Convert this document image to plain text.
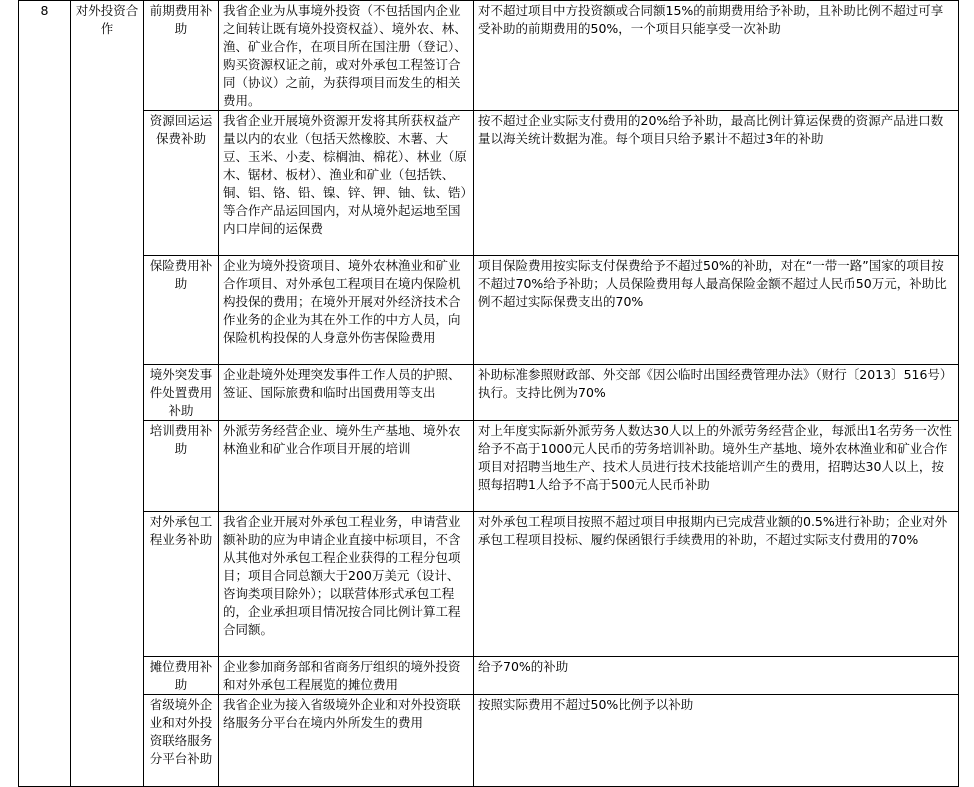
8	对外投资合作	前期费用补助	我省企业为从事境外投资（不包括国内企业之间转让既有境外投资权益）、境外农、林、渔、矿业合作，在项目所在国注册（登记）、购买资源权证之前，或对外承包工程签订合同（协议）之前，为获得项目而发生的相关费用。	对不超过项目中方投资额或合同额15%的前期费用给予补助，且补助比例不超过可享受补助的前期费用的50%，一个项目只能享受一次补助
		资源回运运保费补助	我省企业开展境外资源开发将其所获权益产量以内的农业（包括天然橡胶、木薯、大豆、玉米、小麦、棕榈油、棉花）、林业（原木、锯材、板材）、渔业和矿业（包括铁、铜、铝、铬、铅、镍、锌、钾、铀、钛、锆）等合作产品运回国内，对从境外起运地至国内口岸间的运保费	按不超过企业实际支付费用的20%给予补助，最高比例计算运保费的资源产品进口数量以海关统计数据为准。每个项目只给予累计不超过3年的补助
		保险费用补助	企业为境外投资项目、境外农林渔业和矿业合作项目、对外承包工程项目在境内保险机构投保的费用；在境外开展对外经济技术合作业务的企业为其在外工作的中方人员，向保险机构投保的人身意外伤害保险费用	项目保险费用按实际支付保费给予不超过50%的补助，对在“一带一路”国家的项目按不超过70%给予补助；人员保险费用每人最高保险金额不超过人民币50万元，补助比例不超过实际保费支出的70%
		境外突发事件处置费用补助	企业赴境外处理突发事件工作人员的护照、签证、国际旅费和临时出国费用等支出	补助标准参照财政部、外交部《因公临时出国经费管理办法》（财行〔2013〕516号）执行。支持比例为70%
		培训费用补助	外派劳务经营企业、境外生产基地、境外农林渔业和矿业合作项目开展的培训	对上年度实际新外派劳务人数达30人以上的外派劳务经营企业，每派出1名劳务一次性给予不高于1000元人民币的劳务培训补助。境外生产基地、境外农林渔业和矿业合作项目对招聘当地生产、技术人员进行技术技能培训产生的费用，招聘达30人以上，按照每招聘1人给予不高于500元人民币补助
		对外承包工程业务补助	我省企业开展对外承包工程业务，申请营业额补助的应为申请企业直接中标项目，不含从其他对外承包工程企业获得的工程分包项目；项目合同总额大于200万美元（设计、咨询类项目除外）；以联营体形式承包工程的，企业承担项目情况按合同比例计算工程合同额。	对外承包工程项目按照不超过项目申报期内已完成营业额的0.5%进行补助；企业对外承包工程项目投标、履约保函银行手续费用的补助，不超过实际支付费用的70%
		摊位费用补助	企业参加商务部和省商务厅组织的境外投资和对外承包工程展览的摊位费用	给予70%的补助
		省级境外企业和对外投资联络服务分平台补助	我省企业为接入省级境外企业和对外投资联络服务分平台在境内外所发生的费用	按照实际费用不超过50%比例予以补助
